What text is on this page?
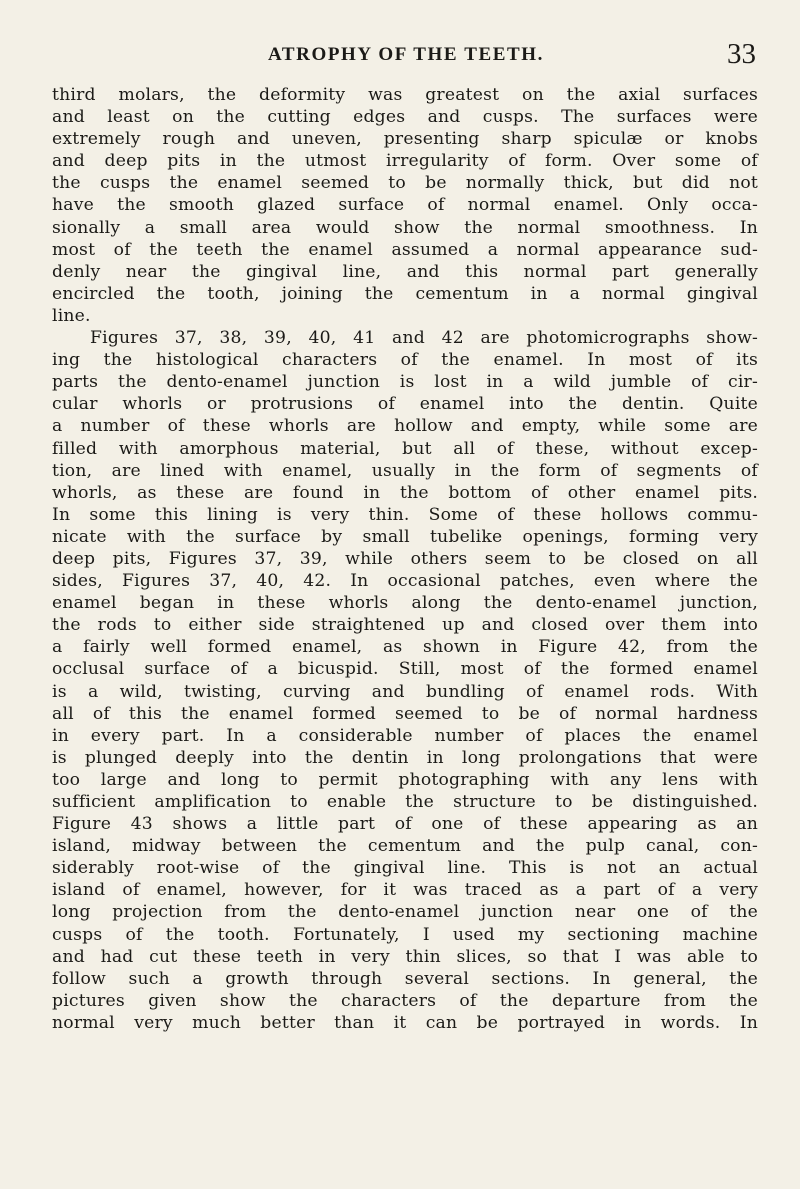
ATROPHY OF THE TEETH.	33
third molars, the deformity was greatest on the axial surfaces
and least on the cutting edges and cusps. The surfaces were
extremely rough and uneven, presenting sharp spiculæ or knobs
and deep pits in the utmost irregularity of form. Over some of
the cusps the enamel seemed to be normally thick, but did not
have the smooth glazed surface of normal enamel. Only occa-
sionally a small area would show the normal smoothness. In
most of the teeth the enamel assumed a normal appearance sud-
denly near the gingival line, and this normal part generally
encircled the tooth, joining the cementum in a normal gingival
line.
Figures 37, 38, 39, 40, 41 and 42 are photomicrographs show-
ing the histological characters of the enamel. In most of its
parts the dento-enamel junction is lost in a wild jumble of cir-
cular whorls or protrusions of enamel into the dentin. Quite
a number of these whorls are hollow and empty, while some are
filled with amorphous material, but all of these, without excep-
tion, are lined with enamel, usually in the form of segments of
whorls, as these are found in the bottom of other enamel pits.
In some this lining is very thin. Some of these hollows commu-
nicate with the surface by small tubelike openings, forming very
deep pits, Figures 37, 39, while others seem to be closed on all
sides, Figures 37, 40, 42. In occasional patches, even where the
enamel began in these whorls along the dento-enamel junction,
the rods to either side straightened up and closed over them into
a fairly well formed enamel, as shown in Figure 42, from the
occlusal surface of a bicuspid. Still, most of the formed enamel
is a wild, twisting, curving and bundling of enamel rods. With
all of this the enamel formed seemed to be of normal hardness
in every part. In a considerable number of places the enamel
is plunged deeply into the dentin in long prolongations that were
too large and long to permit photographing with any lens with
sufficient amplification to enable the structure to be distinguished.
Figure 43 shows a little part of one of these appearing as an
island, midway between the cementum and the pulp canal, con-
siderably root-wise of the gingival line. This is not an actual
island of enamel, however, for it was traced as a part of a very
long projection from the dento-enamel junction near one of the
cusps of the tooth. Fortunately, I used my sectioning machine
and had cut these teeth in very thin slices, so that I was able to
follow such a growth through several sections. In general, the
pictures given show the characters of the departure from the
normal very much better than it can be portrayed in words. In
